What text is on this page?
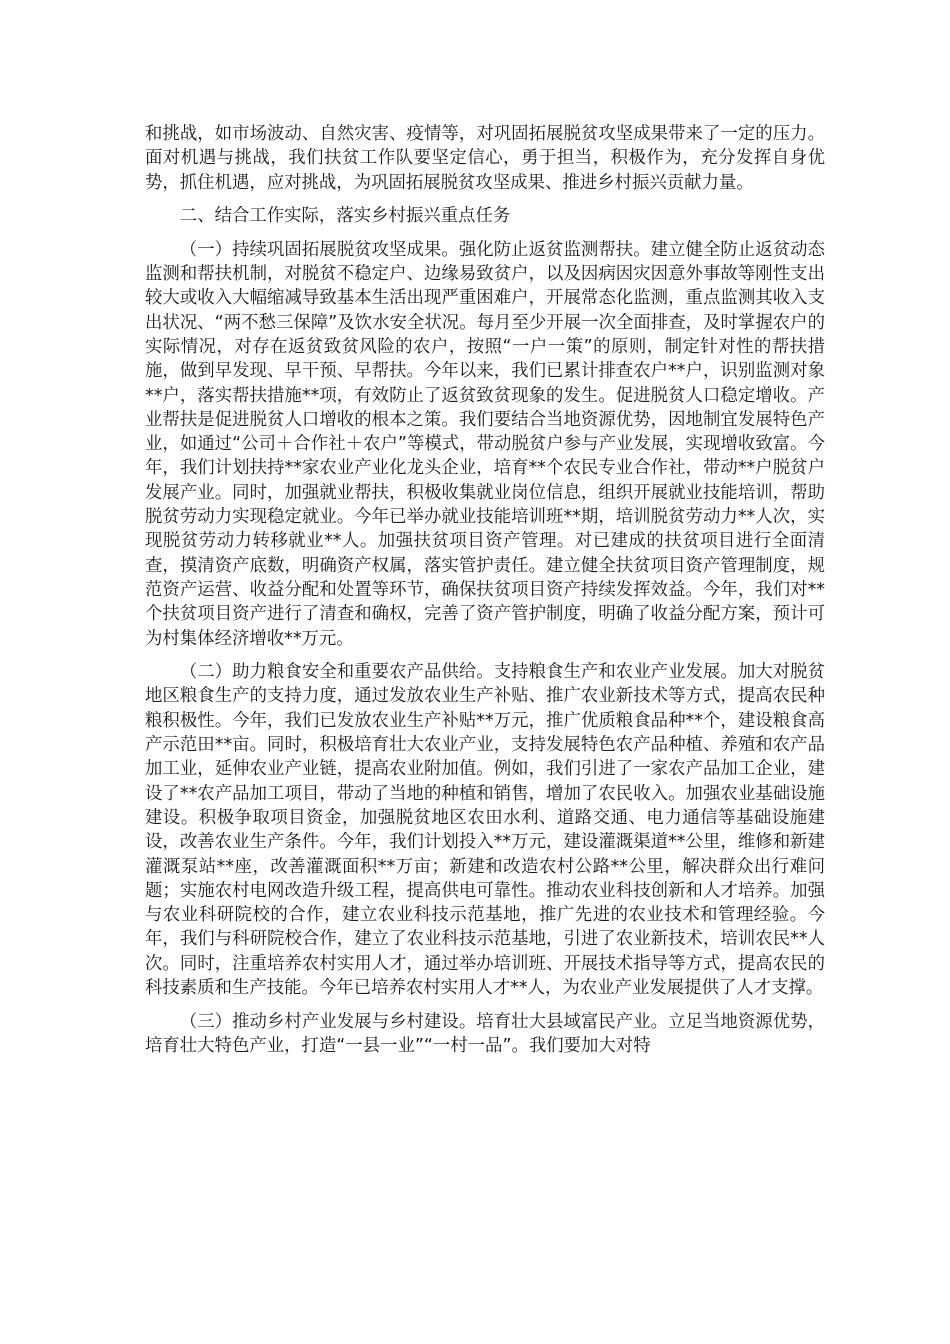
和挑战，如市场波动、自然灾害、疫情等，对巩固拓展脱贫攻坚成果带来了一定的压力。面对机遇与挑战，我们扶贫工作队要坚定信心，勇于担当，积极作为，充分发挥自身优势，抓住机遇，应对挑战，为巩固拓展脱贫攻坚成果、推进乡村振兴贡献力量。

二、结合工作实际，落实乡村振兴重点任务

（一）持续巩固拓展脱贫攻坚成果。强化防止返贫监测帮扶。建立健全防止返贫动态监测和帮扶机制，对脱贫不稳定户、边缘易致贫户，以及因病因灾因意外事故等刚性支出较大或收入大幅缩减导致基本生活出现严重困难户，开展常态化监测，重点监测其收入支出状况、“两不愁三保障”及饮水安全状况。每月至少开展一次全面排查，及时掌握农户的实际情况，对存在返贫致贫风险的农户，按照“一户一策”的原则，制定针对性的帮扶措施，做到早发现、早干预、早帮扶。今年以来，我们已累计排查农户**户，识别监测对象**户，落实帮扶措施**项，有效防止了返贫致贫现象的发生。促进脱贫人口稳定增收。产业帮扶是促进脱贫人口增收的根本之策。我们要结合当地资源优势，因地制宜发展特色产业，如通过“公司＋合作社＋农户”等模式，带动脱贫户参与产业发展，实现增收致富。今年，我们计划扶持**家农业产业化龙头企业，培育**个农民专业合作社，带动**户脱贫户发展产业。同时，加强就业帮扶，积极收集就业岗位信息，组织开展就业技能培训，帮助脱贫劳动力实现稳定就业。今年已举办就业技能培训班**期，培训脱贫劳动力**人次，实现脱贫劳动力转移就业**人。加强扶贫项目资产管理。对已建成的扶贫项目进行全面清查，摸清资产底数，明确资产权属，落实管护责任。建立健全扶贫项目资产管理制度，规范资产运营、收益分配和处置等环节，确保扶贫项目资产持续发挥效益。今年，我们对**个扶贫项目资产进行了清查和确权，完善了资产管护制度，明确了收益分配方案，预计可为村集体经济增收**万元。

（二）助力粮食安全和重要农产品供给。支持粮食生产和农业产业发展。加大对脱贫地区粮食生产的支持力度，通过发放农业生产补贴、推广农业新技术等方式，提高农民种粮积极性。今年，我们已发放农业生产补贴**万元，推广优质粮食品种**个，建设粮食高产示范田**亩。同时，积极培育壮大农业产业，支持发展特色农产品种植、养殖和农产品加工业，延伸农业产业链，提高农业附加值。例如，我们引进了一家农产品加工企业，建设了**农产品加工项目，带动了当地的种植和销售，增加了农民收入。加强农业基础设施建设。积极争取项目资金，加强脱贫地区农田水利、道路交通、电力通信等基础设施建设，改善农业生产条件。今年，我们计划投入**万元，建设灌溉渠道**公里，维修和新建灌溉泵站**座，改善灌溉面积**万亩；新建和改造农村公路**公里，解决群众出行难问题；实施农村电网改造升级工程，提高供电可靠性。推动农业科技创新和人才培养。加强与农业科研院校的合作，建立农业科技示范基地，推广先进的农业技术和管理经验。今年，我们与科研院校合作，建立了农业科技示范基地，引进了农业新技术，培训农民**人次。同时，注重培养农村实用人才，通过举办培训班、开展技术指导等方式，提高农民的科技素质和生产技能。今年已培养农村实用人才**人，为农业产业发展提供了人才支撑。

（三）推动乡村产业发展与乡村建设。培育壮大县域富民产业。立足当地资源优势，培育壮大特色产业，打造“一县一业”“一村一品”。我们要加大对特
